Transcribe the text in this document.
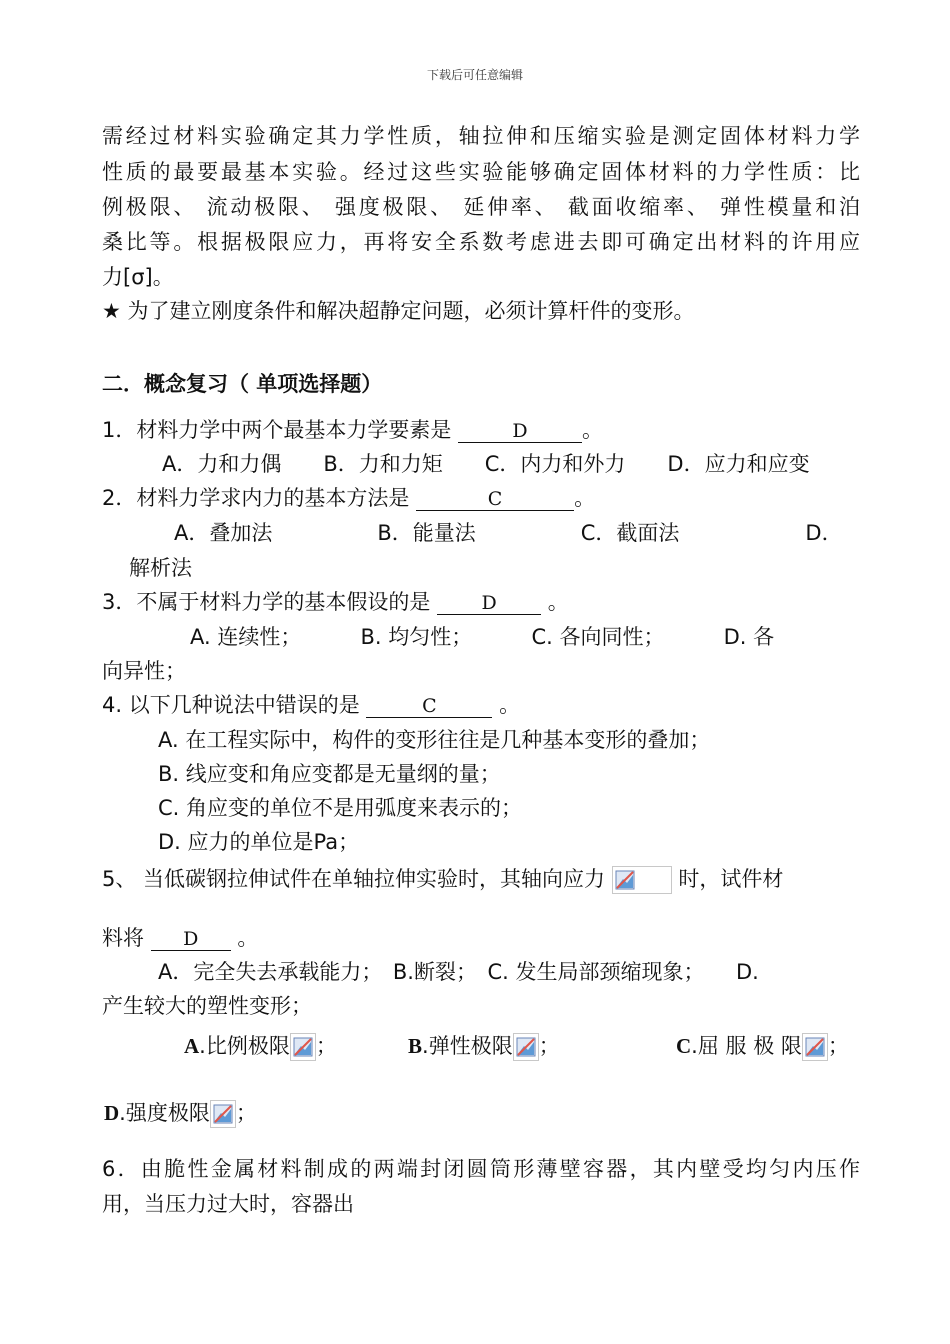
下载后可任意编辑
需经过材料实验确定其力学性质，轴拉伸和压缩实验是测定固体材料力学
性质的最要最基本实验。经过这些实验能够确定固体材料的力学性质：比
例极限、 流动极限、 强度极限、 延伸率、 截面收缩率、 弹性模量和泊
桑比等。根据极限应力，再将安全系数考虑进去即可确定出材料的许用应
力[σ]。
★ 为了建立刚度条件和解决超静定问题，必须计算杆件的变形。
二．概念复习（ 单项选择题）
1．材料力学中两个最基本力学要素是	D	。
A．力和力偶　　B．力和力矩　　C．内力和外力　　D．应力和应变
2．材料力学求内力的基本方法是	C	。
A．叠加法　　　　　B．能量法　　　　　C．截面法　　　　　　D．
解析法
3．不属于材料力学的基本假设的是	D 。
A. 连续性；　　　 B. 均匀性；　　　 C. 各向同性；　　　 D. 各
向异性；
4. 以下几种说法中错误的是	C	。
A. 在工程实际中，构件的变形往往是几种基本变形的叠加；
B. 线应变和角应变都是无量纲的量；
C. 角应变的单位不是用弧度来表示的；
D. 应力的单位是Pa；
5、 当低碳钢拉伸试件在单轴拉伸实验时，其轴向应力	时，试件材
料将 D 。
A．完全失去承载能力；　B.断裂；　C. 发生局部颈缩现象；　　D.
产生较大的塑性变形；
A.比例极限 ；	B.弹性极限 ；	C.屈 服 极 限 ；
D.强度极限 ；
6．由脆性金属材料制成的两端封闭圆筒形薄壁容器，其内壁受均匀内压作
用，当压力过大时，容器出
